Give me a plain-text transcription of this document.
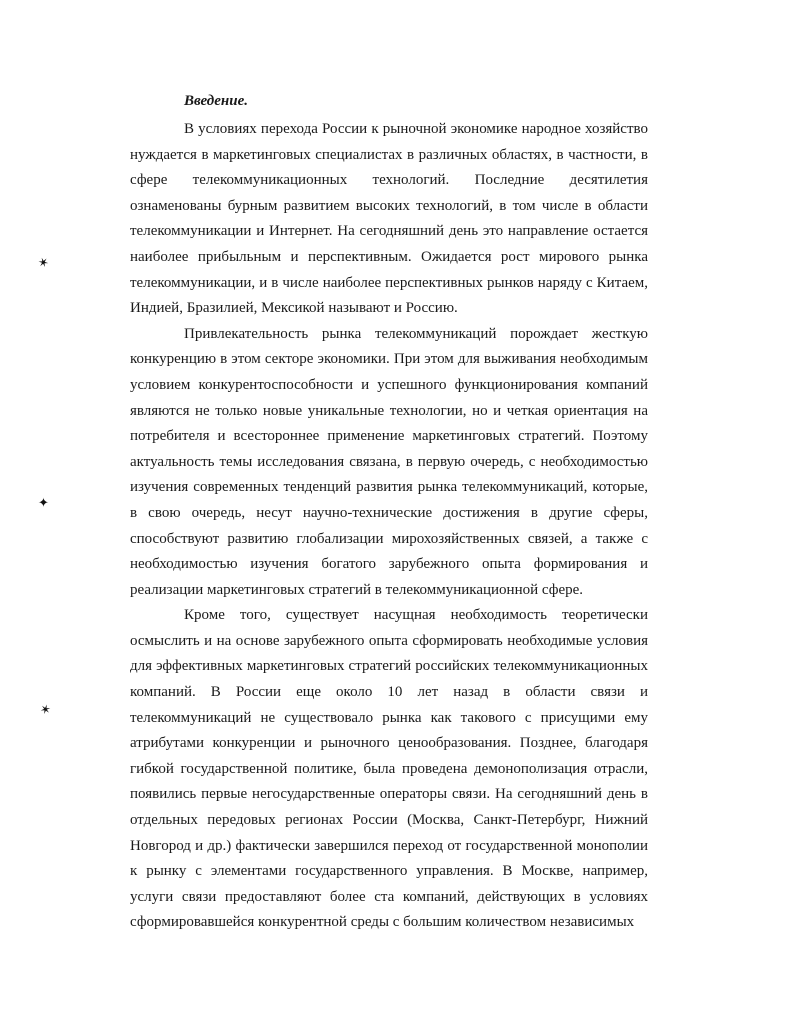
✶
✦
✶
Введение.

В условиях перехода России к рыночной экономике народное хозяйство нуждается в маркетинговых специалистах в различных областях, в частности, в сфере телекоммуникационных технологий. Последние десятилетия ознаменованы бурным развитием высоких технологий, в том числе в области телекоммуникации и Интернет. На сегодняшний день это направление остается наиболее прибыльным и перспективным. Ожидается рост мирового рынка телекоммуникации, и в числе наиболее перспективных рынков наряду с Китаем, Индией, Бразилией, Мексикой называют и Россию.

Привлекательность рынка телекоммуникаций порождает жесткую конкуренцию в этом секторе экономики. При этом для выживания необходимым условием конкурентоспособности и успешного функционирования компаний являются не только новые уникальные технологии, но и четкая ориентация на потребителя и всестороннее применение маркетинговых стратегий. Поэтому актуальность темы исследования связана, в первую очередь, с необходимостью изучения современных тенденций развития рынка телекоммуникаций, которые, в свою очередь, несут научно-технические достижения в другие сферы, способствуют развитию глобализации мирохозяйственных связей, а также с необходимостью изучения богатого зарубежного опыта формирования и реализации маркетинговых стратегий в телекоммуникационной сфере.

Кроме того, существует насущная необходимость теоретически осмыслить и на основе зарубежного опыта сформировать необходимые условия для эффективных маркетинговых стратегий российских телекоммуникационных компаний. В России еще около 10 лет назад в области связи и телекоммуникаций не существовало рынка как такового с присущими ему атрибутами конкуренции и рыночного ценообразования. Позднее, благодаря гибкой государственной политике, была проведена демонополизация отрасли, появились первые негосударственные операторы связи. На сегодняшний день в отдельных передовых регионах России (Москва, Санкт-Петербург, Нижний Новгород и др.) фактически завершился переход от государственной монополии к рынку с элементами государственного управления. В Москве, например, услуги связи предоставляют более ста компаний, действующих в условиях сформировавшейся конкурентной среды с большим количеством независимых
